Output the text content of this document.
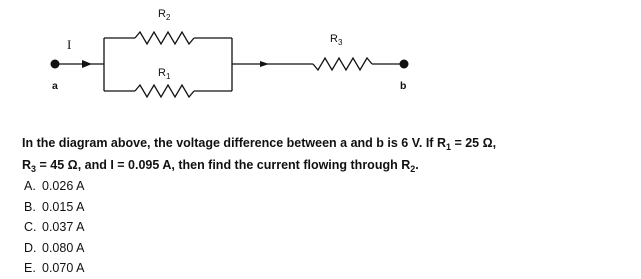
$R_2$
$R_1$
$R_3$
I
a	b
In the diagram above, the voltage difference between a and b is 6 V. If $R_1 = 25$ Ω,
$R_3 = 45$ Ω, and I = 0.095 A, then find the current flowing through $R_2$.
A. 0.026 A
B. 0.015 A
C. 0.037 A
D. 0.080 A
E. 0.070 A
